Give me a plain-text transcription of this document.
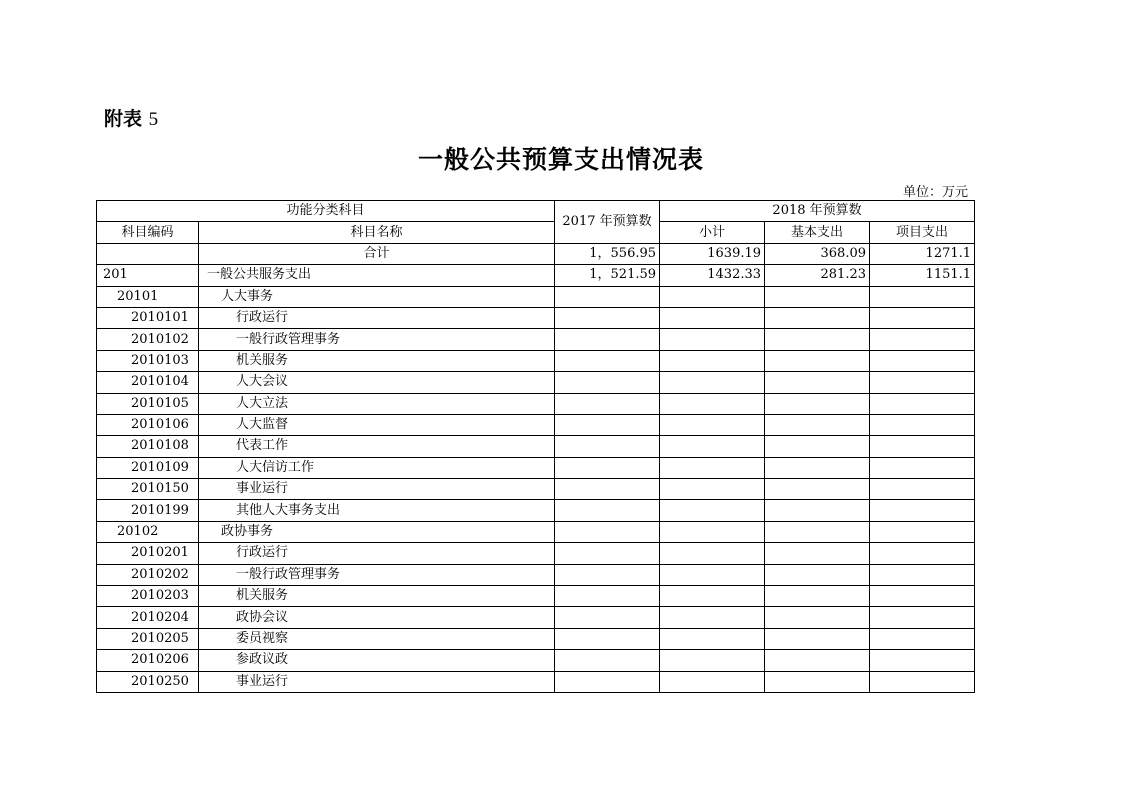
附表 5
一般公共预算支出情况表
单位：万元
功能分类科目		2017 年预算数	2018 年预算数		
科目编码	科目名称		小计	基本支出	项目支出
	合计	1，556.95	1639.19	368.09	1271.1
201	一般公共服务支出	1，521.59	1432.33	281.23	1151.1
20101	人大事务				
2010101	行政运行				
2010102	一般行政管理事务				
2010103	机关服务				
2010104	人大会议				
2010105	人大立法				
2010106	人大监督				
2010108	代表工作				
2010109	人大信访工作				
2010150	事业运行				
2010199	其他人大事务支出				
20102	政协事务				
2010201	行政运行				
2010202	一般行政管理事务				
2010203	机关服务				
2010204	政协会议				
2010205	委员视察				
2010206	参政议政				
2010250	事业运行				
